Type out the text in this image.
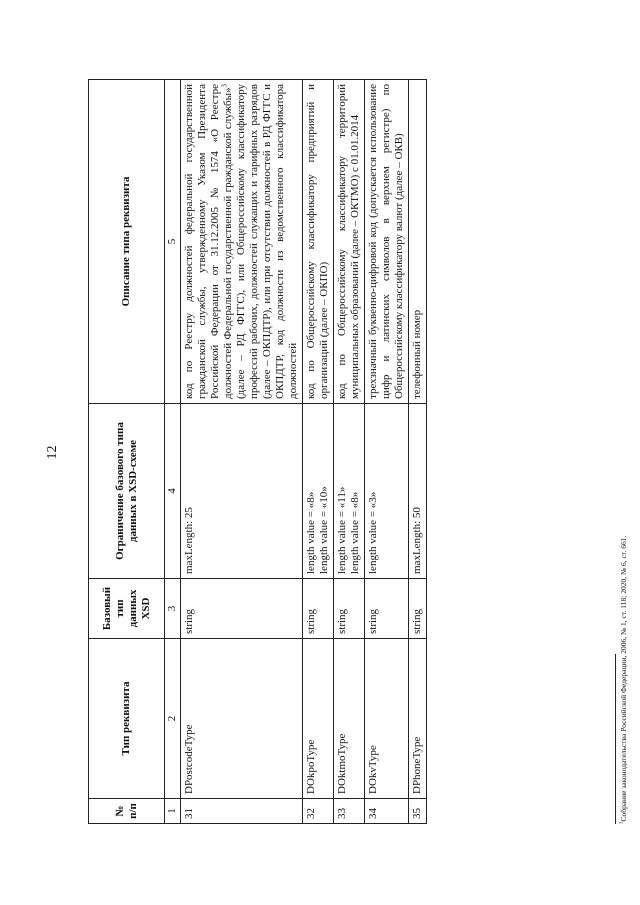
12
№ п/п	Тип реквизита	Базовый тип данных XSD	Ограничение базового типа данных в XSD-схеме	Описание типа реквизита

1	2	3	4	5
31	DPostcodeType	string	maxLength: 25	код по Реестру должностей федеральной государственной гражданской службы, утвержденному Указом Президента Российской Федерации от 31.12.2005 № 1574 «О Реестре должностей Федеральной государственной гражданской службы»$^3$ (далее – РД ФГГС), или Общероссийскому классификатору профессий рабочих, должностей служащих и тарифных разрядов (далее – ОКПДТР), или при отсутствии должностей в РД ФГГС и ОКПДТР, код должности из ведомственного классификатора должностей
32	DOkpoType	string	length value = «8» length value = «10»	код по Общероссийскому классификатору предприятий и организаций (далее – ОКПО)
33	DOktmoType	string	length value = «11» length value = «8»	код по Общероссийскому классификатору территорий муниципальных образований (далее – ОКТМО) с 01.01.2014
34	DOkvType	string	length value = «3»	трехзначный буквенно-цифровой код (допускается использование цифр и латинских символов в верхнем регистре) по Общероссийскому классификатору валют (далее – ОКВ)
35	DPhoneType	string	maxLength: 50	телефонный номер
$^3$Собрание законодательства Российской Федерации, 2006, № 1, ст. 118; 2020, № 6, ст. 661.
